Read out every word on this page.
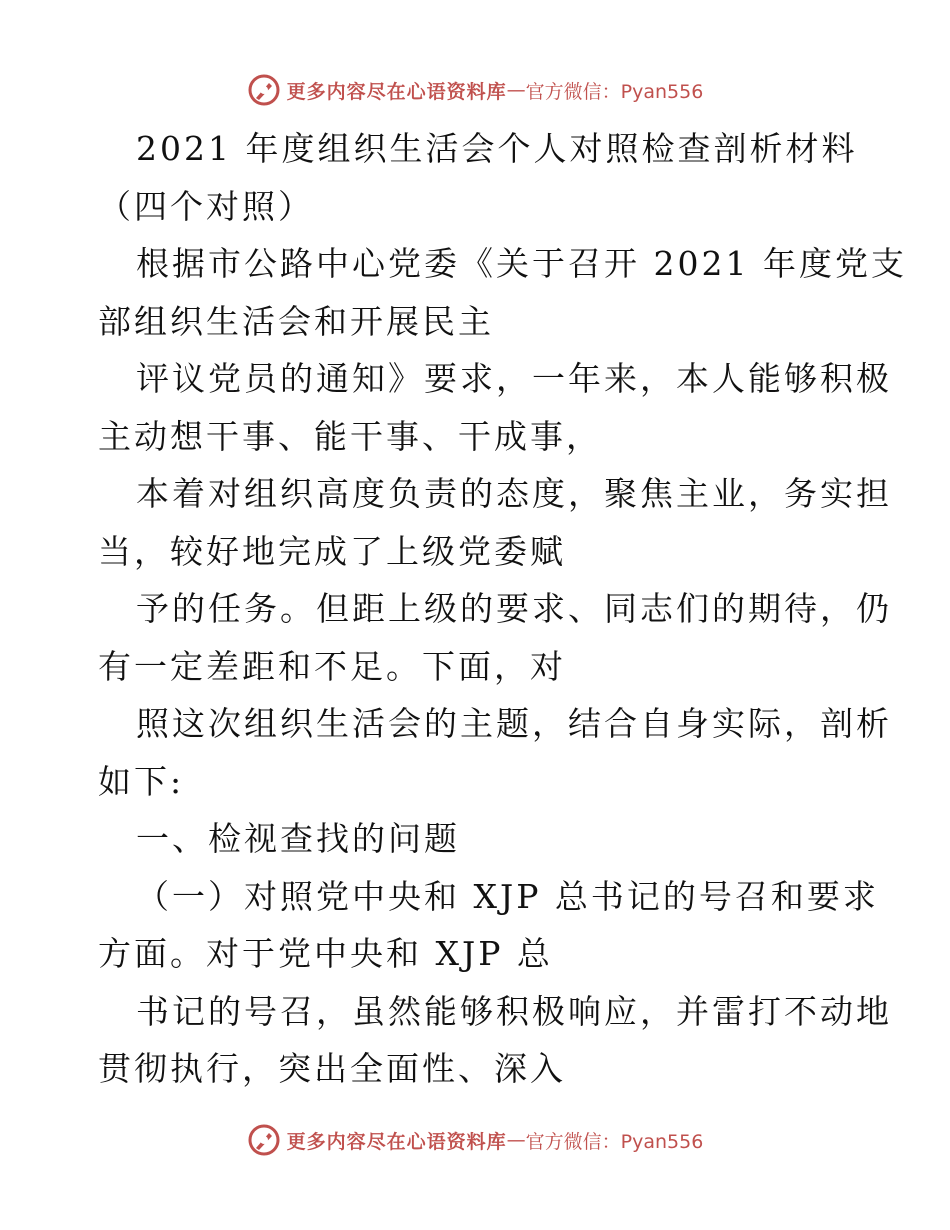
更多内容尽在心语资料库 — 官方微信：Pyan556
2021 年度组织生活会个人对照检查剖析材料
（四个对照）
根据市公路中心党委《关于召开 2021 年度党支
部组织生活会和开展民主
评议党员的通知》要求，一年来，本人能够积极
主动想干事、能干事、干成事，
本着对组织高度负责的态度，聚焦主业，务实担
当，较好地完成了上级党委赋
予的任务。但距上级的要求、同志们的期待，仍
有一定差距和不足。下面，对
照这次组织生活会的主题，结合自身实际，剖析
如下:
一、检视查找的问题
（一）对照党中央和 XJP 总书记的号召和要求
方面。对于党中央和 XJP 总
书记的号召，虽然能够积极响应，并雷打不动地
贯彻执行，突出全面性、深入
更多内容尽在心语资料库 — 官方微信：Pyan556
